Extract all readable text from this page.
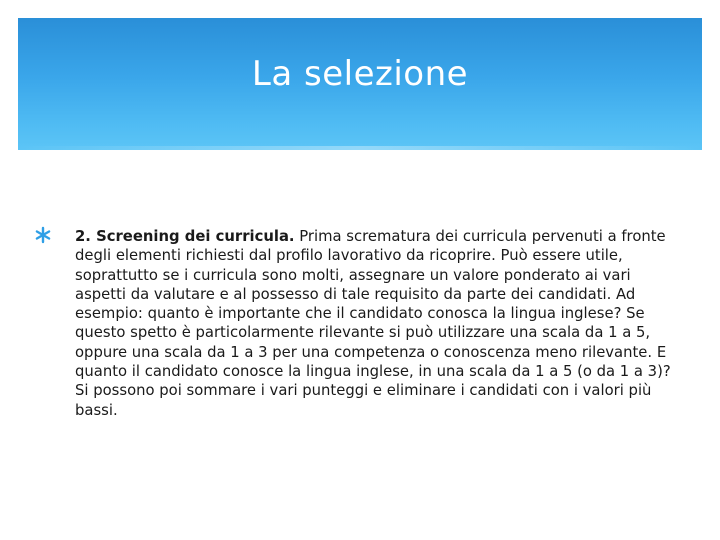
La selezione

2. Screening dei curricula. Prima scrematura dei curricula pervenuti a fronte degli elementi richiesti dal profilo lavorativo da ricoprire. Può essere utile, soprattutto se i curricula sono molti, assegnare un valore ponderato ai vari aspetti da valutare e al possesso di tale requisito da parte dei candidati. Ad esempio: quanto è importante che il candidato conosca la lingua inglese? Se questo spetto è particolarmente rilevante si può utilizzare una scala da 1 a 5, oppure una scala da 1 a 3 per una competenza o conoscenza meno rilevante. E quanto il candidato conosce la lingua inglese, in una scala da 1 a 5 (o da 1 a 3)? Si possono poi sommare i vari punteggi e eliminare i candidati con i valori più bassi.
